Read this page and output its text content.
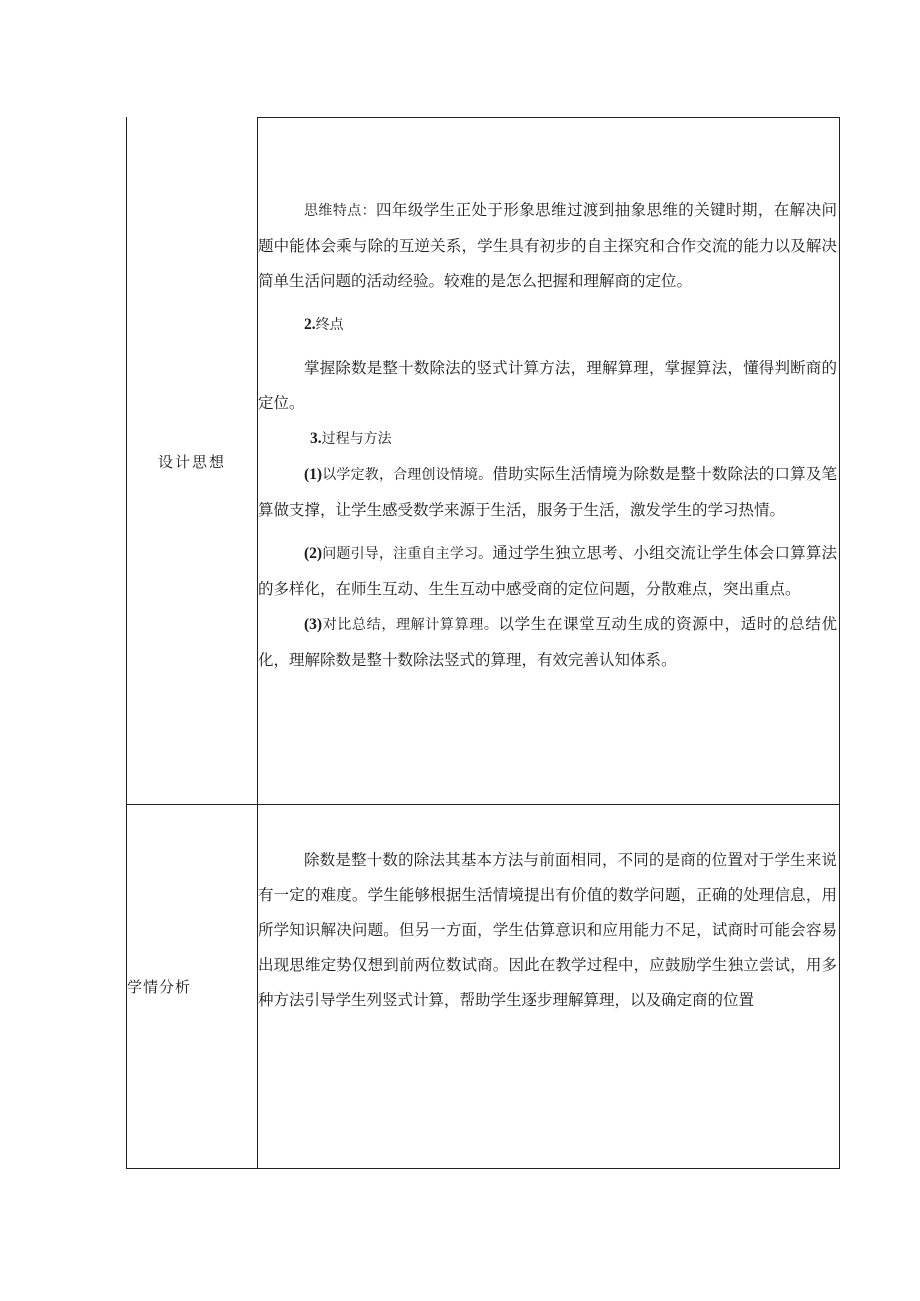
设计思想

思维特点：四年级学生正处于形象思维过渡到抽象思维的关键时期，在解决问题中能体会乘与除的互逆关系，学生具有初步的自主探究和合作交流的能力以及解决简单生活问题的活动经验。较难的是怎么把握和理解商的定位。

2.终点

掌握除数是整十数除法的竖式计算方法，理解算理，掌握算法，懂得判断商的定位。

3.过程与方法

(1)以学定教，合理创设情境。借助实际生活情境为除数是整十数除法的口算及笔算做支撑，让学生感受数学来源于生活，服务于生活，激发学生的学习热情。

(2)问题引导，注重自主学习。通过学生独立思考、小组交流让学生体会口算算法的多样化，在师生互动、生生互动中感受商的定位问题，分散难点，突出重点。

(3)对比总结，理解计算算理。以学生在课堂互动生成的资源中，适时的总结优化，理解除数是整十数除法竖式的算理，有效完善认知体系。

学情分析

除数是整十数的除法其基本方法与前面相同，不同的是商的位置对于学生来说有一定的难度。学生能够根据生活情境提出有价值的数学问题，正确的处理信息，用所学知识解决问题。但另一方面，学生估算意识和应用能力不足，试商时可能会容易出现思维定势仅想到前两位数试商。因此在教学过程中，应鼓励学生独立尝试，用多种方法引导学生列竖式计算，帮助学生逐步理解算理，以及确定商的位置
